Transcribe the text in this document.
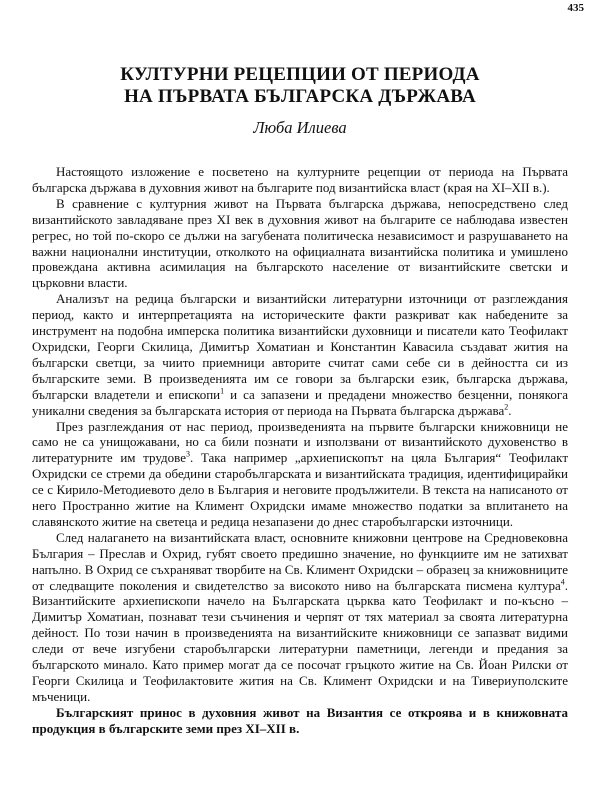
435
КУЛТУРНИ РЕЦЕПЦИИ ОТ ПЕРИОДА
НА ПЪРВАТА БЪЛГАРСКА ДЪРЖАВА
Люба Илиева

Настоящото изложение е посветено на културните рецепции от периода на Първата българска държава в духовния живот на българите под византийска власт (края на XI–XII в.).

В сравнение с културния живот на Първата българска държава, непосредствено след византийското завладяване през XI век в духовния живот на българите се наблюдава известен регрес, но той по-скоро се дължи на загубената политическа независимост и разрушаването на важни национални институции, отколкото на официалната византийска политика и умишлено провеждана активна асимилация на българското население от византийските светски и църковни власти.

Анализът на редица български и византийски литературни източници от разглеждания период, както и интерпретацията на историческите факти разкриват как набедените за инструмент на подобна имперска политика византийски духовници и писатели като Теофилакт Охридски, Георги Скилица, Димитър Хоматиан и Константин Кавасила създават жития на български светци, за чиито приемници авторите считат сами себе си в дейността си из българските земи. В произведенията им се говори за български език, българска държава, български владетели и епископи$^1$ и са запазени и предадени множество безценни, понякога уникални сведения за българската история от периода на Първата българска държава$^2$.

През разглеждания от нас период, произведенията на първите български книжовници не само не са унищожавани, но са били познати и използвани от византийското духовенство в литературните им трудове$^3$. Така например „архиепископът на цяла България“ Теофилакт Охридски се стреми да обедини старобългарската и византийската традиция, идентифицирайки се с Кирило-Методиевото дело в България и неговите продължители. В текста на написаното от него Пространно житие на Климент Охридски имаме множество податки за вплитането на славянското житие на светеца и редица незапазени до днес старобългарски източници.

След налагането на византийската власт, основните книжовни центрове на Средновековна България – Преслав и Охрид, губят своето предишно значение, но функциите им не затихват напълно. В Охрид се съхраняват творбите на Св. Климент Охридски – образец за книжовниците от следващите поколения и свидетелство за високото ниво на българската писмена култура$^4$. Византийските архиепископи начело на Българската църква като Теофилакт и по-късно – Димитър Хоматиан, познават тези съчинения и черпят от тях материал за своята литературна дейност. По този начин в произведенията на византийските книжовници се запазват видими следи от вече изгубени старобългарски литературни паметници, легенди и предания за българското минало. Като пример могат да се посочат гръцкото житие на Св. Йоан Рилски от Георги Скилица и Теофилактовите жития на Св. Климент Охридски и на Тивериуполските мъченици.

Българският принос в духовния живот на Византия се откроява и в книжовната продукция в българските земи през XI–XII в.
